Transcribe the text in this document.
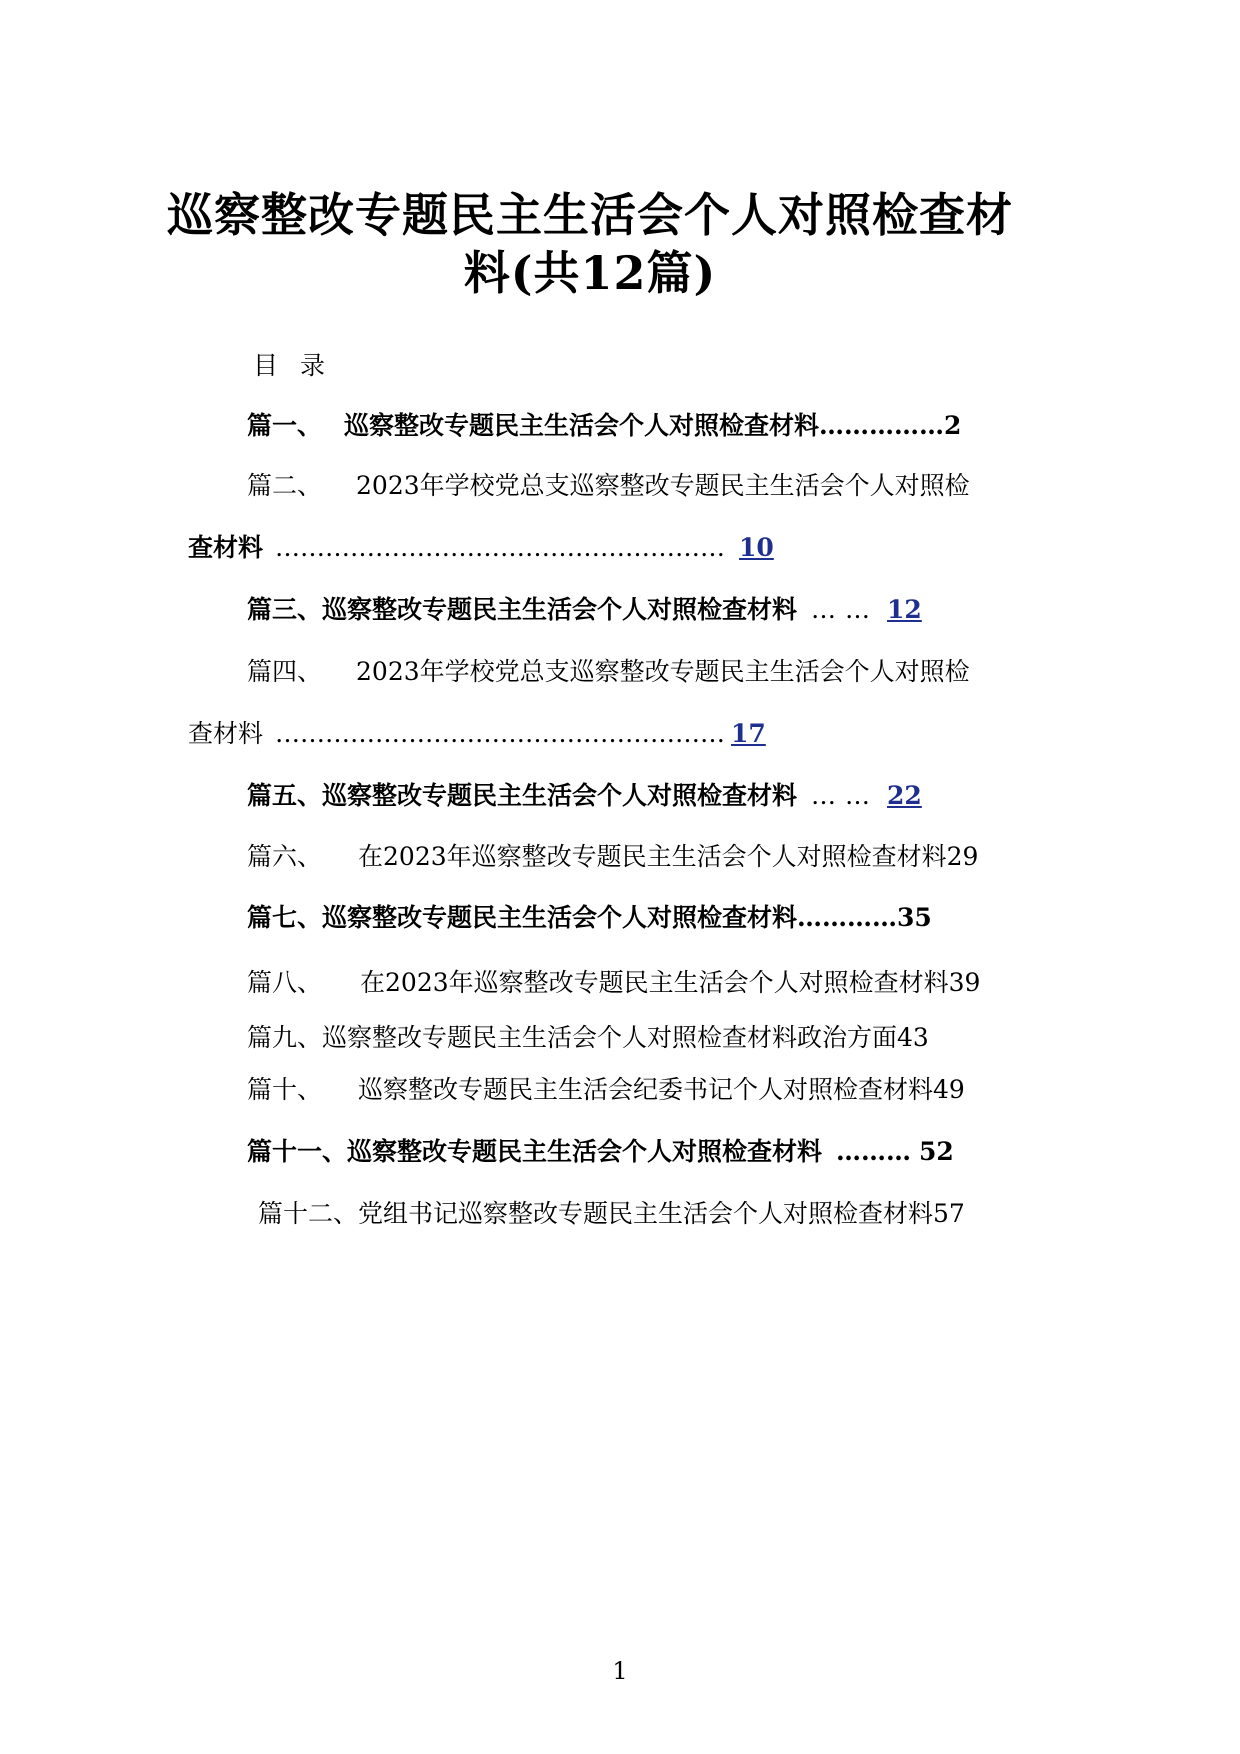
巡察整改专题民主生活会个人对照检查材
料(共12篇)
目录
篇一、 巡察整改专题民主生活会个人对照检查材料……………2
篇二、 2023年学校党总支巡察整改专题民主生活会个人对照检
查材料 ……………………………………………… 10
篇三、巡察整改专题民主生活会个人对照检查材料 …… 12
篇四、 2023年学校党总支巡察整改专题民主生活会个人对照检
查材料 ……………………………………………… 17
篇五、巡察整改专题民主生活会个人对照检查材料 …… 22
篇六、 在2023年巡察整改专题民主生活会个人对照检查材料29
篇七、巡察整改专题民主生活会个人对照检查材料…………35
篇八、 在2023年巡察整改专题民主生活会个人对照检查材料39
篇九、巡察整改专题民主生活会个人对照检查材料政治方面43
篇十、 巡察整改专题民主生活会纪委书记个人对照检查材料49
篇十一、巡察整改专题民主生活会个人对照检查材料 ……… 52
篇十二、党组书记巡察整改专题民主生活会个人对照检查材料57
1
